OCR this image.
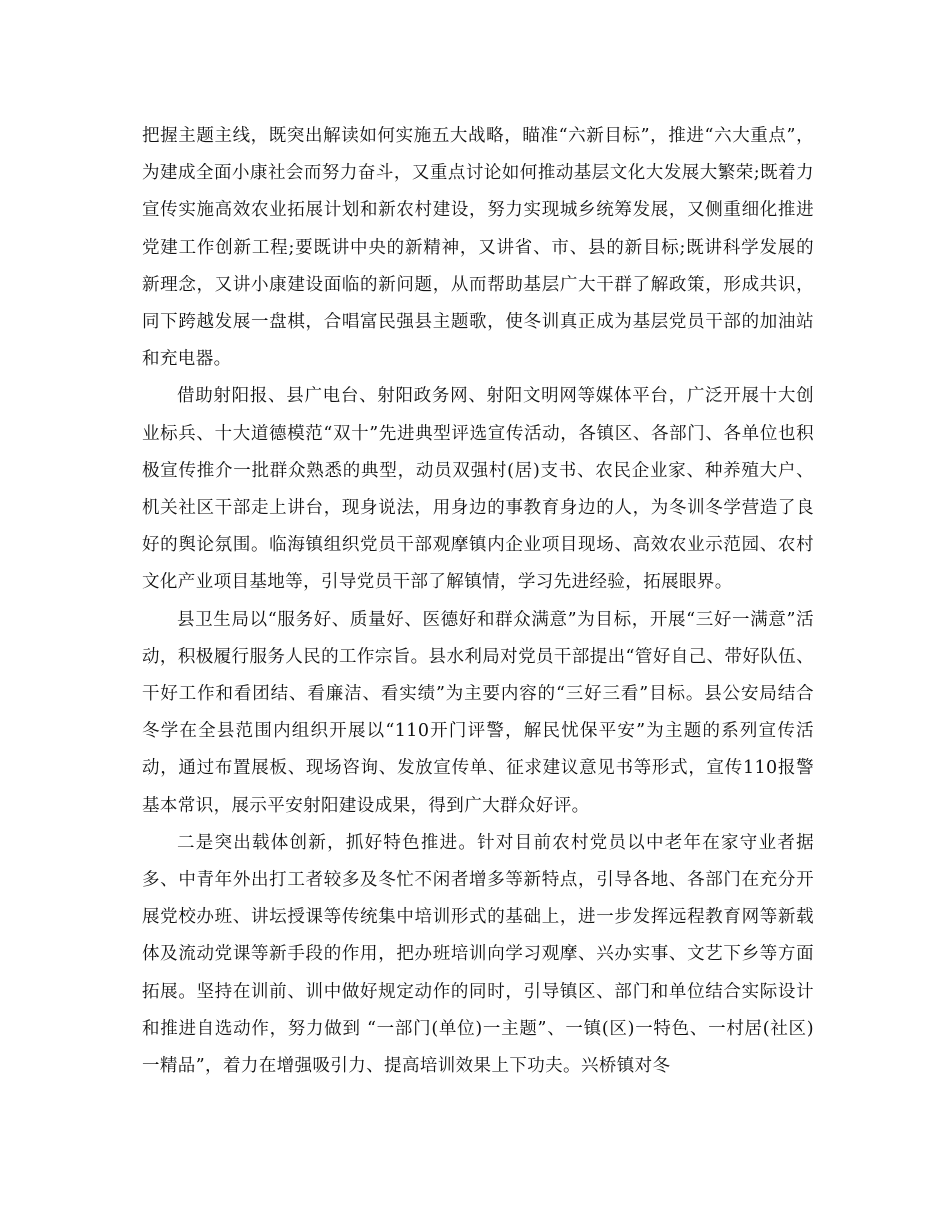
把握主题主线，既突出解读如何实施五大战略，瞄准“六新目标”，推进“六大重点”，为建成全面小康社会而努力奋斗，又重点讨论如何推动基层文化大发展大繁荣;既着力宣传实施高效农业拓展计划和新农村建设，努力实现城乡统筹发展，又侧重细化推进党建工作创新工程;要既讲中央的新精神，又讲省、市、县的新目标;既讲科学发展的新理念，又讲小康建设面临的新问题，从而帮助基层广大干群了解政策，形成共识，同下跨越发展一盘棋，合唱富民强县主题歌，使冬训真正成为基层党员干部的加油站和充电器。

借助射阳报、县广电台、射阳政务网、射阳文明网等媒体平台，广泛开展十大创业标兵、十大道德模范“双十”先进典型评选宣传活动，各镇区、各部门、各单位也积极宣传推介一批群众熟悉的典型，动员双强村(居)支书、农民企业家、种养殖大户、机关社区干部走上讲台，现身说法，用身边的事教育身边的人，为冬训冬学营造了良好的舆论氛围。临海镇组织党员干部观摩镇内企业项目现场、高效农业示范园、农村文化产业项目基地等，引导党员干部了解镇情，学习先进经验，拓展眼界。

县卫生局以“服务好、质量好、医德好和群众满意”为目标，开展“三好一满意”活动，积极履行服务人民的工作宗旨。县水利局对党员干部提出“管好自己、带好队伍、干好工作和看团结、看廉洁、看实绩”为主要内容的“三好三看”目标。县公安局结合冬学在全县范围内组织开展以“110开门评警，解民忧保平安”为主题的系列宣传活动，通过布置展板、现场咨询、发放宣传单、征求建议意见书等形式，宣传110报警基本常识，展示平安射阳建设成果，得到广大群众好评。

二是突出载体创新，抓好特色推进。针对目前农村党员以中老年在家守业者据多、中青年外出打工者较多及冬忙不闲者增多等新特点，引导各地、各部门在充分开展党校办班、讲坛授课等传统集中培训形式的基础上，进一步发挥远程教育网等新载体及流动党课等新手段的作用，把办班培训向学习观摩、兴办实事、文艺下乡等方面拓展。坚持在训前、训中做好规定动作的同时，引导镇区、部门和单位结合实际设计和推进自选动作，努力做到 “一部门(单位)一主题”、一镇(区)一特色、一村居(社区)一精品”，着力在增强吸引力、提高培训效果上下功夫。兴桥镇对冬
